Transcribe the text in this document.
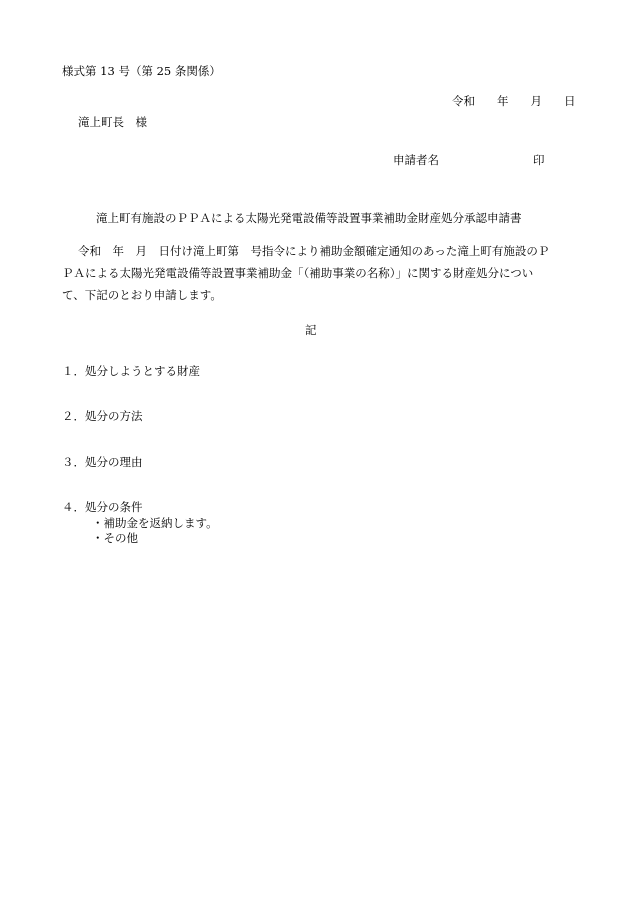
様式第 13 号（第 25 条関係）
令和 年 月 日
滝上町長　様
申請者名	印
滝上町有施設のＰＰＡによる太陽光発電設備等設置事業補助金財産処分承認申請書
令和　年　月　日付け滝上町第　号指令により補助金額確定通知のあった滝上町有施設のＰ
ＰＡによる太陽光発電設備等設置事業補助金「（補助事業の名称）」に関する財産処分につい
て、下記のとおり申請します。
記
１．処分しようとする財産
２．処分の方法
３．処分の理由
４．処分の条件
・補助金を返納します。
・その他
